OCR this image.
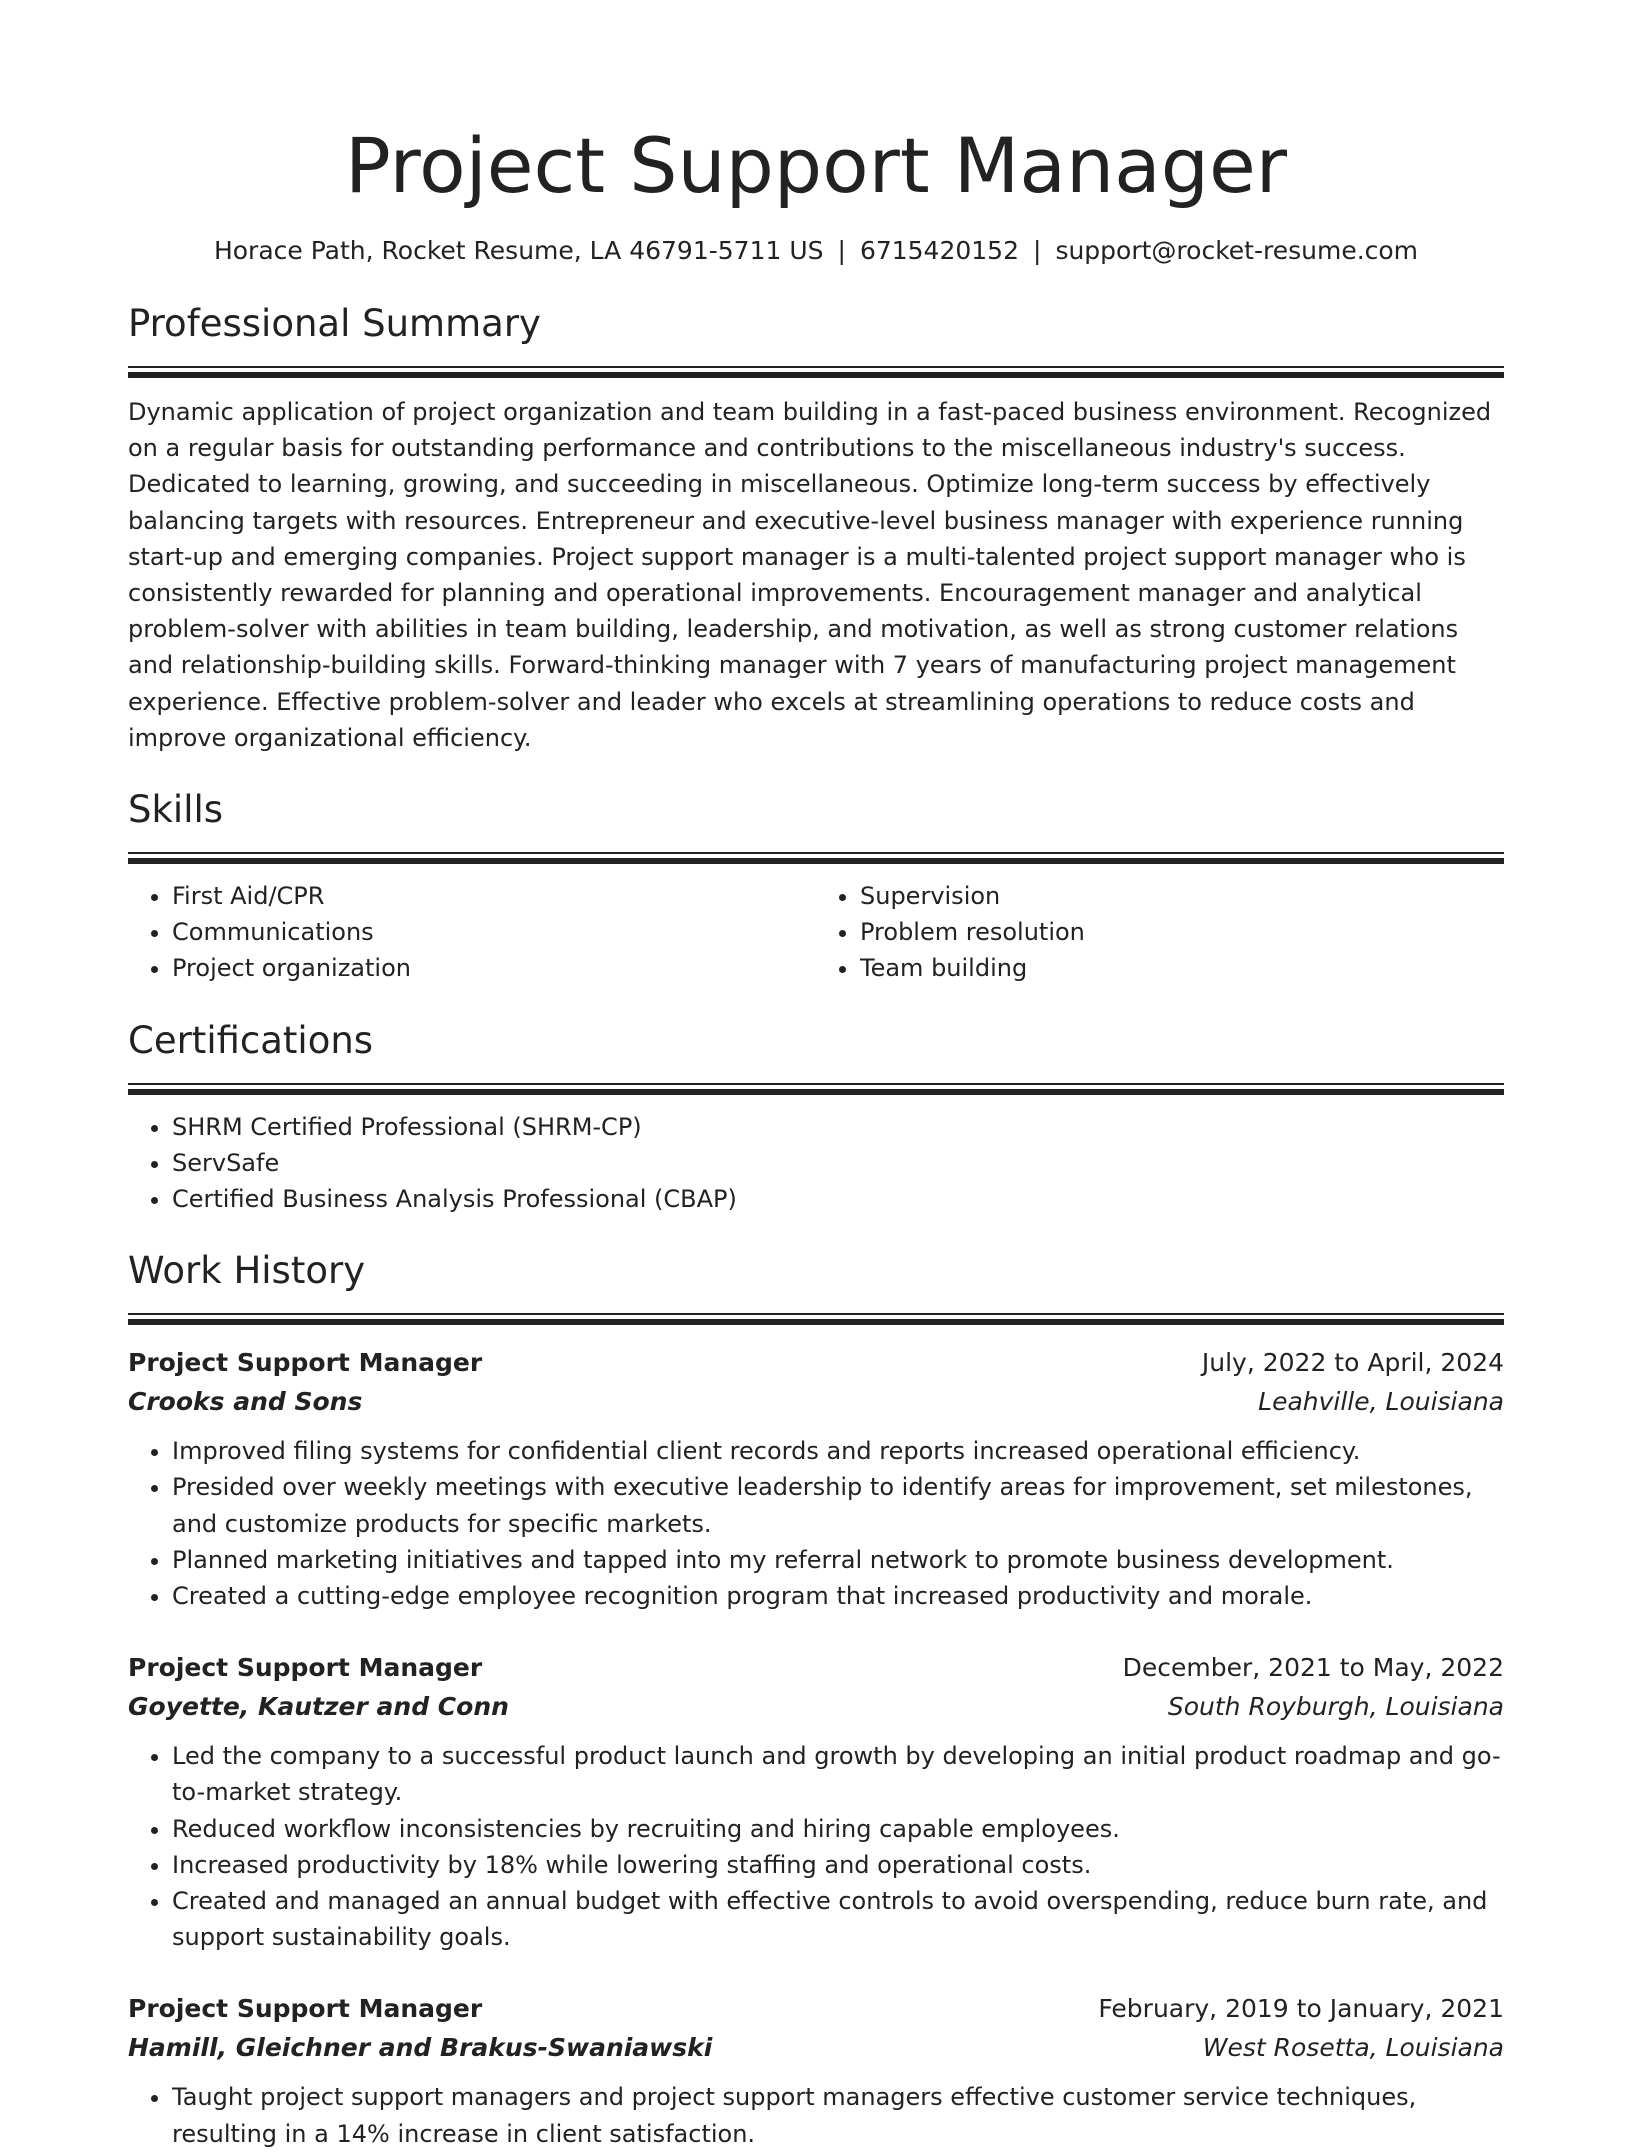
Project Support Manager
Horace Path, Rocket Resume, LA 46791-5711 US | 6715420152 | support@rocket-resume.com
Professional Summary

Dynamic application of project organization and team building in a fast-paced business environment. Recognized on a regular basis for outstanding performance and contributions to the miscellaneous industry's success. Dedicated to learning, growing, and succeeding in miscellaneous. Optimize long-term success by effectively balancing targets with resources. Entrepreneur and executive-level business manager with experience running start-up and emerging companies. Project support manager is a multi-talented project support manager who is consistently rewarded for planning and operational improvements. Encouragement manager and analytical problem-solver with abilities in team building, leadership, and motivation, as well as strong customer relations and relationship-building skills. Forward-thinking manager with 7 years of manufacturing project management experience. Effective problem-solver and leader who excels at streamlining operations to reduce costs and improve organizational efficiency.

Skills
• First Aid/CPR
• Communications
• Project organization
• Supervision
• Problem resolution
• Team building
Certifications
• SHRM Certified Professional (SHRM-CP)
• ServSafe
• Certified Business Analysis Professional (CBAP)
Work History
Project Support Manager	July, 2022 to April, 2024
Crooks and Sons	Leahville, Louisiana
• Improved filing systems for confidential client records and reports increased operational efficiency.
• Presided over weekly meetings with executive leadership to identify areas for improvement, set milestones, and customize products for specific markets.
• Planned marketing initiatives and tapped into my referral network to promote business development.
• Created a cutting-edge employee recognition program that increased productivity and morale.
Project Support Manager	December, 2021 to May, 2022
Goyette, Kautzer and Conn	South Royburgh, Louisiana
• Led the company to a successful product launch and growth by developing an initial product roadmap and go-to-market strategy.
• Reduced workflow inconsistencies by recruiting and hiring capable employees.
• Increased productivity by 18% while lowering staffing and operational costs.
• Created and managed an annual budget with effective controls to avoid overspending, reduce burn rate, and support sustainability goals.
Project Support Manager	February, 2019 to January, 2021
Hamill, Gleichner and Brakus-Swaniawski	West Rosetta, Louisiana
• Taught project support managers and project support managers effective customer service techniques, resulting in a 14% increase in client satisfaction.
